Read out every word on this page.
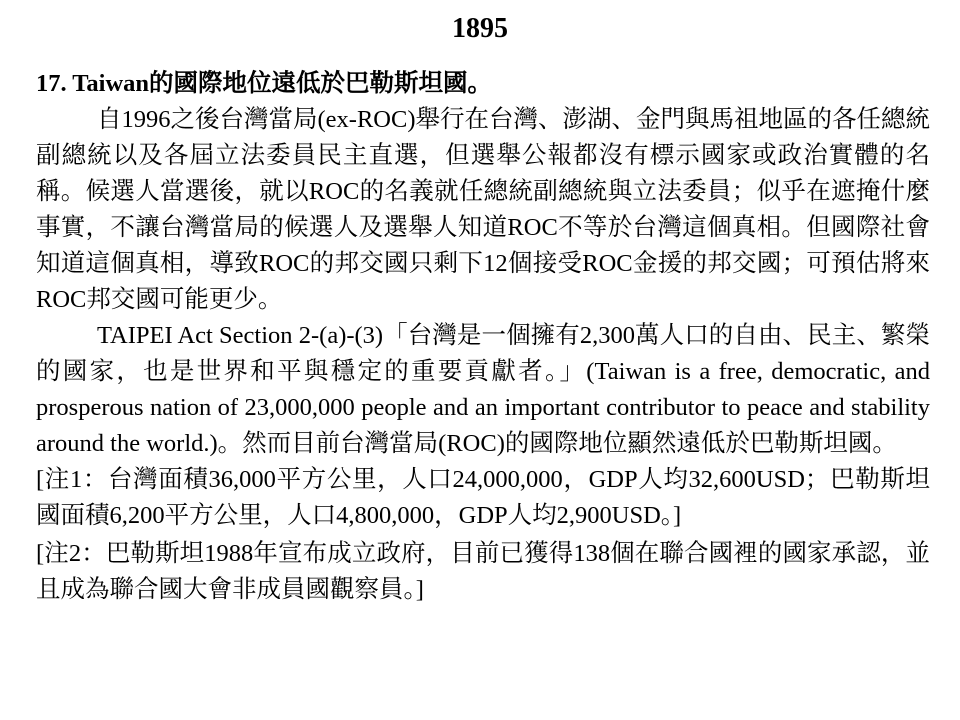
1895

17. Taiwan的國際地位遠低於巴勒斯坦國。

自1996之後台灣當局(ex-ROC)舉行在台灣、澎湖、金門與馬祖地區的各任總統副總統以及各屆立法委員民主直選，但選舉公報都沒有標示國家或政治實體的名稱。候選人當選後，就以ROC的名義就任總統副總統與立法委員；似乎在遮掩什麼事實，不讓台灣當局的候選人及選舉人知道ROC不等於台灣這個真相。但國際社會知道這個真相，導致ROC的邦交國只剩下12個接受ROC金援的邦交國；可預估將來ROC邦交國可能更少。

TAIPEI Act Section 2-(a)-(3)「台灣是一個擁有2,300萬人口的自由、民主、繁榮的國家，也是世界和平與穩定的重要貢獻者。」(Taiwan is a free, democratic, and prosperous nation of 23,000,000 people and an important contributor to peace and stability around the world.)。然而目前台灣當局(ROC)的國際地位顯然遠低於巴勒斯坦國。

[注1：台灣面積36,000平方公里，人口24,000,000，GDP人均32,600USD；巴勒斯坦國面積6,200平方公里，人口4,800,000，GDP人均2,900USD。]

[注2：巴勒斯坦1988年宣布成立政府，目前已獲得138個在聯合國裡的國家承認，並且成為聯合國大會非成員國觀察員。]
